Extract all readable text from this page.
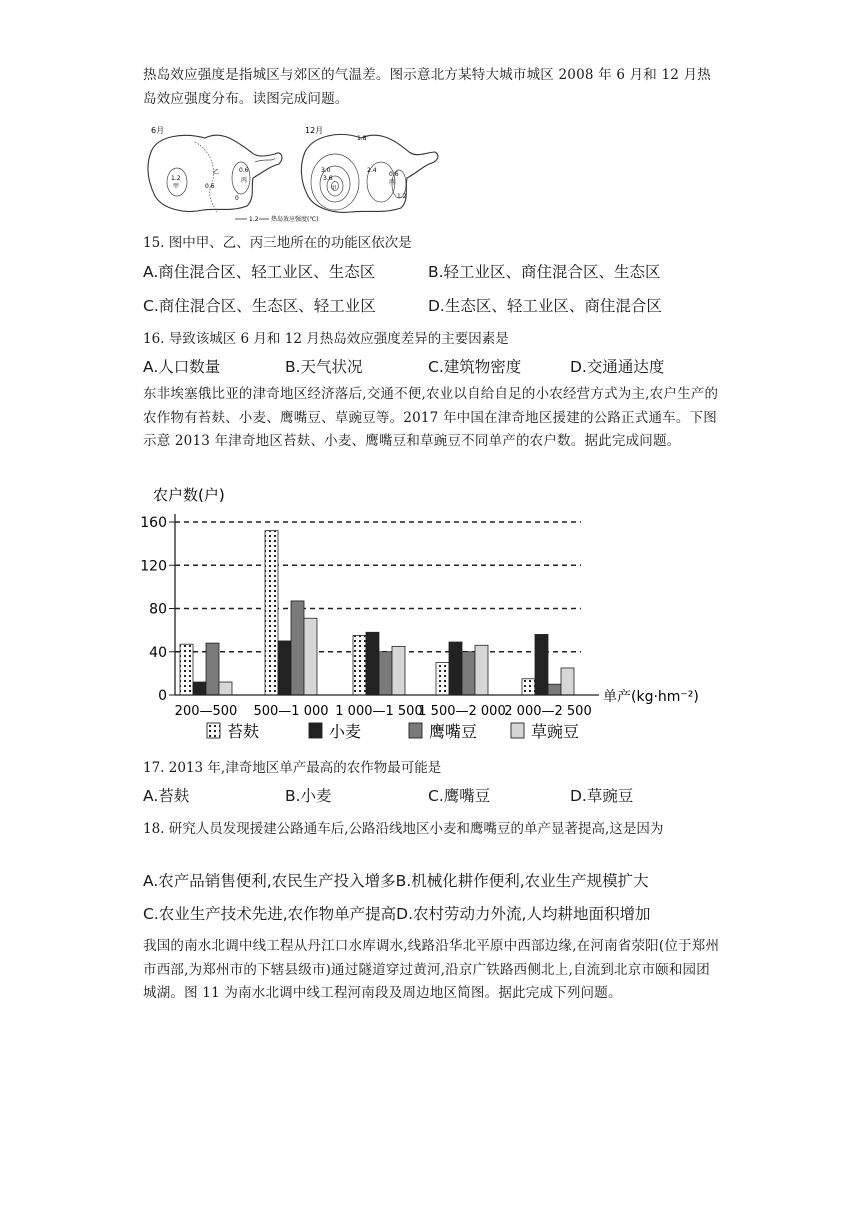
热岛效应强度是指城区与郊区的气温差。图示意北方某特大城市城区 2008 年 6 月和 12 月热岛效应强度分布。读图完成问题。

6月
1.2
甲
乙
0.6
0.6
丙
0
12月
1.8
3.0
3.6
2.4
甲
0.6
丙
1.2
1.2 热岛效应强度(℃)

15. 图中甲、乙、丙三地所在的功能区依次是

A.商住混合区、轻工业区、生态区	B.轻工业区、商住混合区、生态区
C.商住混合区、生态区、轻工业区	D.生态区、轻工业区、商住混合区

16. 导致该城区 6 月和 12 月热岛效应强度差异的主要因素是

A.人口数量	B.天气状况	C.建筑物密度	D.交通通达度

东非埃塞俄比亚的津奇地区经济落后,交通不便,农业以自给自足的小农经营方式为主,农户生产的农作物有苔麸、小麦、鹰嘴豆、草豌豆等。2017 年中国在津奇地区援建的公路正式通车。下图示意 2013 年津奇地区苔麸、小麦、鹰嘴豆和草豌豆不同单产的农户数。据此完成问题。

农户数(户)
0
40
80
120
160
单产(kg·hm⁻²)
200—500 500—1 000 1 000—1 500
1 500—2 000
2 000—2 500
苔麸	小麦	鹰嘴豆	草豌豆

17. 2013 年,津奇地区单产最高的农作物最可能是

A.苔麸	B.小麦	C.鹰嘴豆	D.草豌豆

18. 研究人员发现援建公路通车后,公路沿线地区小麦和鹰嘴豆的单产显著提高,这是因为

A.农产品销售便利,农民生产投入增多B.机械化耕作便利,农业生产规模扩大
C.农业生产技术先进,农作物单产提高D.农村劳动力外流,人均耕地面积增加

我国的南水北调中线工程从丹江口水库调水,线路沿华北平原中西部边缘,在河南省荥阳(位于郑州市西部,为郑州市的下辖县级市)通过隧道穿过黄河,沿京广铁路西侧北上,自流到北京市颐和园团城湖。图 11 为南水北调中线工程河南段及周边地区简图。据此完成下列问题。
